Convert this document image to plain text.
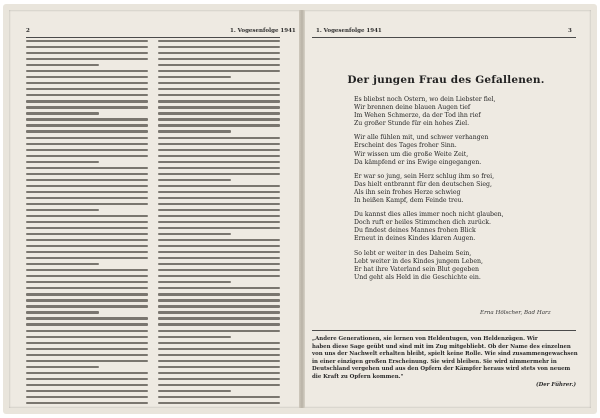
2	1. Vogesenfolge 1941	1. Vogesenfolge 1941	3
Der jungen Frau des Gefallenen.
Es bliebst noch Ostern, wo dein Liebster fiel,
Wir brennen deine blauen Augen tief
Im Wehen Schmerze, da der Tod ihn rief
Zu großer Stunde für ein hohes Ziel.
Wir alle fühlen mit, und schwer verhangen
Erscheint des Tages froher Sinn.
Wir wissen um die große Weite Zeit,
Da kämpfend er ins Ewige eingegangen.
Er war so jung, sein Herz schlug ihm so frei,
Das hielt entbrannt für den deutschen Sieg,
Als ihn sein frohes Herze schwieg
In heißen Kampf, dem Feinde treu.
Du kannst dies alles immer noch nicht glauben,
Doch ruft er heiles Stimmchen dich zurück.
Du findest deines Mannes frohen Blick
Erneut in deines Kindes klaren Augen.
So lebt er weiter in des Daheim Sein,
Lebt weiter in des Kindes jungem Leben,
Er hat ihre Vaterland sein Blut gegeben
Und geht als Held in die Geschichte ein.
Erna Hölscher, Bad Harz
„Andere Generationen, sie lernen von Heldentugen, von Heldenzügen. Wir
haben diese Sage geübt und sind mit im Zug mitgebliebt. Ob der Name des einzelnen
von uns der Nachwelt erhalten bleibt, spielt keine Rolle. Wie sind zusammengewachsen
in einer einzigen großen Erscheinung. Sie wird bleiben. Sie wird nimmermehr in
Deutschland vergehen und aus den Opfern der Kämpfer heraus wird stets von neuem
die Kraft zu Opfern kommen."
(Der Führer.)
